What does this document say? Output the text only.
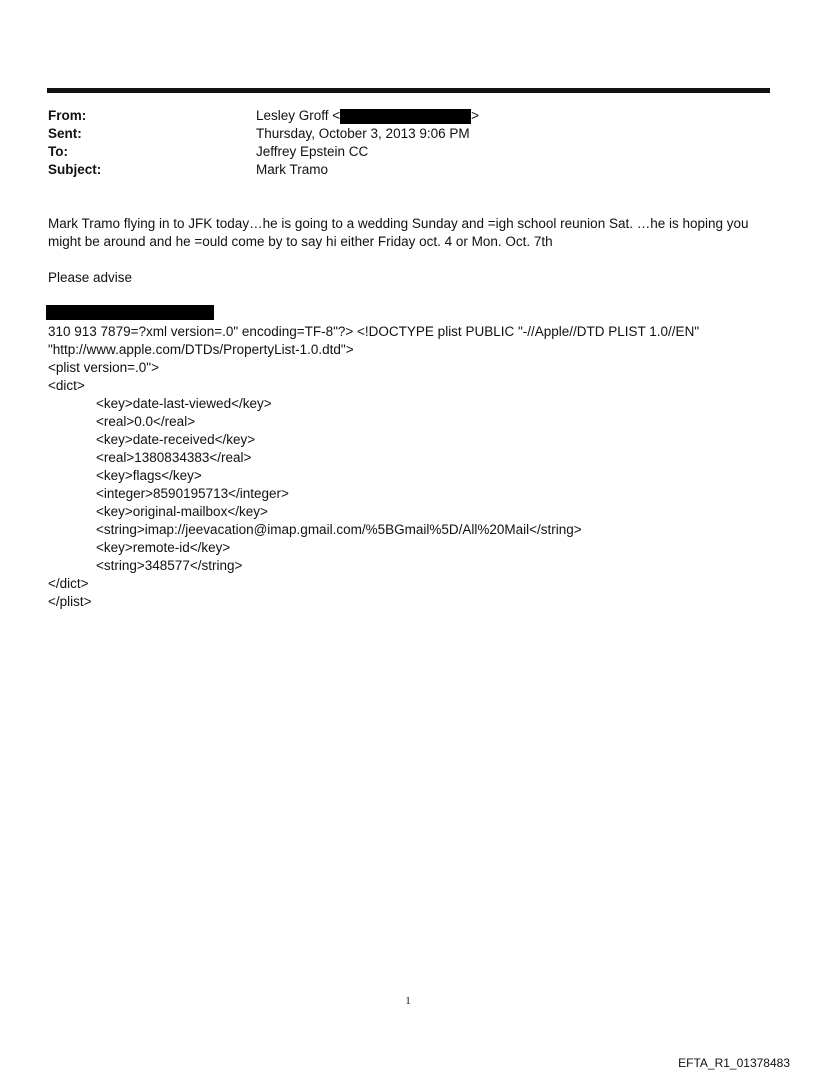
From:	Lesley Groff <	>
Sent:	Thursday, October 3, 2013 9:06 PM
To:	Jeffrey Epstein CC
Subject:	Mark Tramo

Mark Tramo flying in to JFK today…he is going to a wedding Sunday and =igh school reunion Sat. …he is hoping you

might be around and he =ould come by to say hi either Friday oct. 4 or Mon. Oct. 7th

Please advise

310 913 7879=?xml version=.0" encoding=TF-8"?> <!DOCTYPE plist PUBLIC "-//Apple//DTD PLIST 1.0//EN"
"http://www.apple.com/DTDs/PropertyList-1.0.dtd">
<plist version=.0">
<dict>
<key>date-last-viewed</key>
<real>0.0</real>
<key>date-received</key>
<real>1380834383</real>
<key>flags</key>
<integer>8590195713</integer>
<key>original-mailbox</key>
<string>imap://jeevacation@imap.gmail.com/%5BGmail%5D/All%20Mail</string>
<key>remote-id</key>
<string>348577</string>
</dict>
</plist>
1
EFTA_R1_01378483
